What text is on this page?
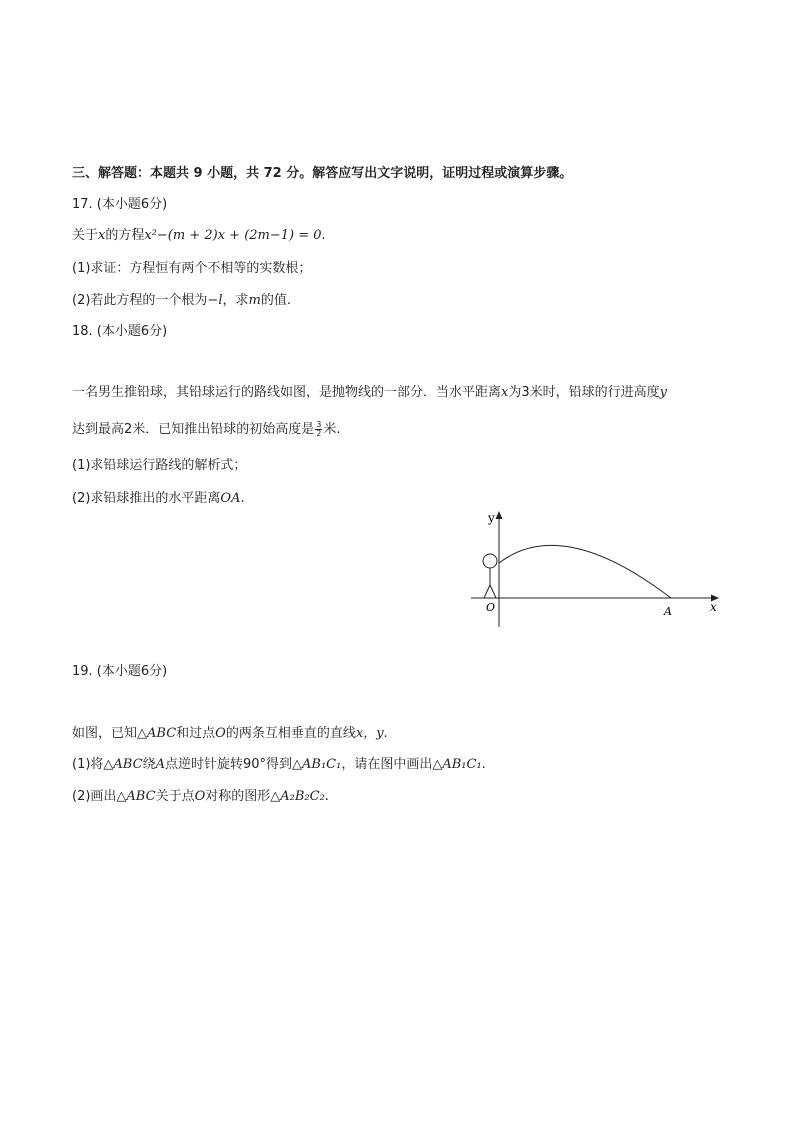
三、解答题：本题共 9 小题，共 72 分。解答应写出文字说明，证明过程或演算步骤。
17. (本小题6分)
关于x的方程x²−(m + 2)x + (2m−1) = 0.
(1)求证：方程恒有两个不相等的实数根；
(2)若此方程的一个根为−l，求m的值.
18. (本小题6分)
一名男生推铅球，其铅球运行的路线如图，是抛物线的一部分．当水平距离x为3米时，铅球的行进高度y
达到最高2米．已知推出铅球的初始高度是 $\frac{3}{2}$ 米.
(1)求铅球运行路线的解析式；
(2)求铅球推出的水平距离OA.
y
x
O	A
19. (本小题6分)
如图，已知△ABC和过点O的两条互相垂直的直线x，y.
(1)将△ABC绕A点逆时针旋转90°得到△AB₁C₁，请在图中画出△AB₁C₁.
(2)画出△ABC关于点O对称的图形△A₂B₂C₂.
